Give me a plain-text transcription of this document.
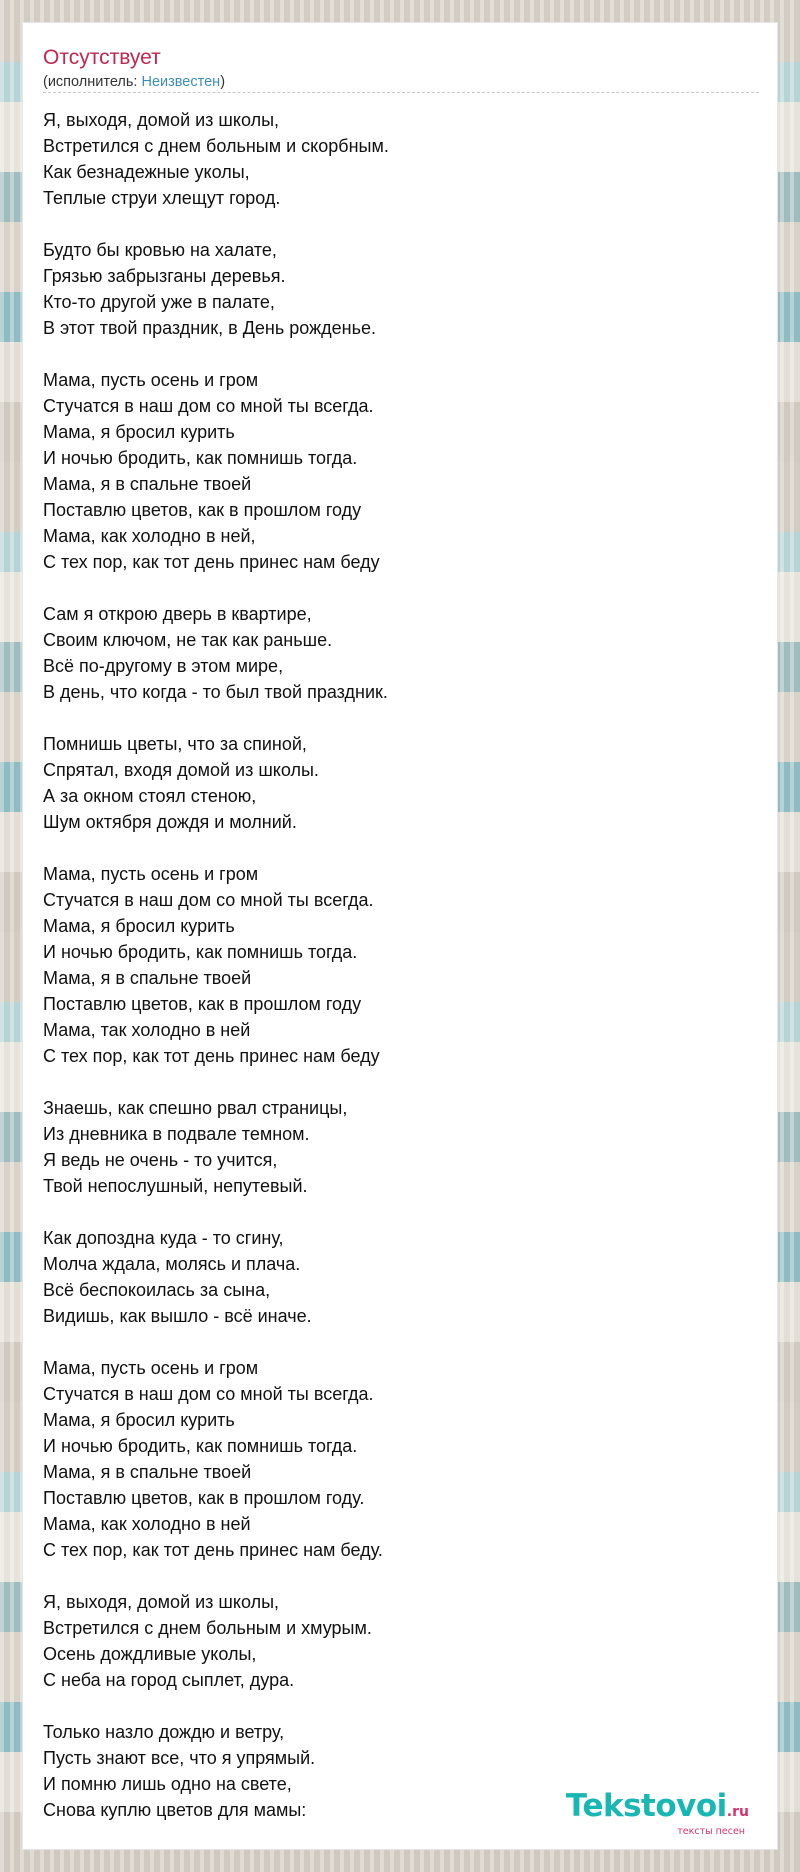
Отсутствует
(исполнитель: Неизвестен)
Я, выходя, домой из школы,
Встретился с днем больным и скорбным.
Как безнадежные уколы,
Теплые струи хлещут город.
Будто бы кровью на халате,
Грязью забрызганы деревья.
Кто-то другой уже в палате,
В этот твой праздник, в День рожденье.
Мама, пусть осень и гром
Стучатся в наш дом со мной ты всегда.
Мама, я бросил курить
И ночью бродить, как помнишь тогда.
Мама, я в спальне твоей
Поставлю цветов, как в прошлом году
Мама, как холодно в ней,
С тех пор, как тот день принес нам беду
Сам я открою дверь в квартире,
Своим ключом, не так как раньше.
Всё по-другому в этом мире,
В день, что когда - то был твой праздник.
Помнишь цветы, что за спиной,
Спрятал, входя домой из школы.
А за окном стоял стеною,
Шум октября дождя и молний.
Мама, пусть осень и гром
Стучатся в наш дом со мной ты всегда.
Мама, я бросил курить
И ночью бродить, как помнишь тогда.
Мама, я в спальне твоей
Поставлю цветов, как в прошлом году
Мама, так холодно в ней
С тех пор, как тот день принес нам беду
Знаешь, как спешно рвал страницы,
Из дневника в подвале темном.
Я ведь не очень - то учится,
Твой непослушный, непутевый.
Как допоздна куда - то сгину,
Молча ждала, молясь и плача.
Всё беспокоилась за сына,
Видишь, как вышло - всё иначе.
Мама, пусть осень и гром
Стучатся в наш дом со мной ты всегда.
Мама, я бросил курить
И ночью бродить, как помнишь тогда.
Мама, я в спальне твоей
Поставлю цветов, как в прошлом году.
Мама, как холодно в ней
С тех пор, как тот день принес нам беду.
Я, выходя, домой из школы,
Встретился с днем больным и хмурым.
Осень дождливые уколы,
С неба на город сыплет, дура.
Только назло дождю и ветру,
Пусть знают все, что я упрямый.
И помню лишь одно на свете,
Снова куплю цветов для мамы:	Tekstovoi.ru
тексты песен
